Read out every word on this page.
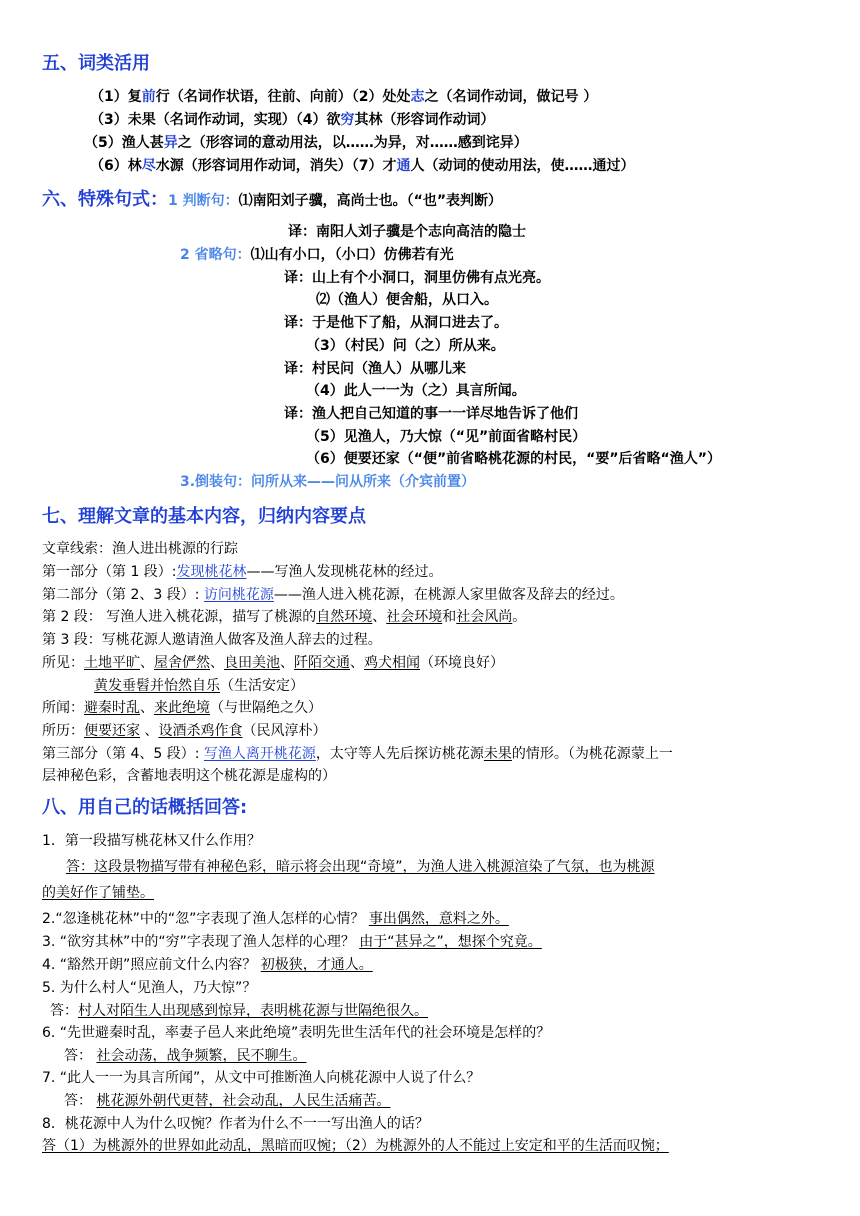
五、词类活用
（1）复前行（名词作状语，往前、向前）（2）处处志之（名词作动词，做记号 ）
（3）未果（名词作动词，实现）（4）欲穷其林（形容词作动词）
（5）渔人甚异之（形容词的意动用法，以……为异，对……感到诧异）
（6）林尽水源（形容词用作动词，消失）（7）才通人（动词的使动用法，使……通过）
六、特殊句式：1 判断句：⑴南阳刘子骥，高尚士也。（“也”表判断）
译：南阳人刘子骥是个志向高洁的隐士
2 省略句：⑴山有小口，（小口）仿佛若有光
译：山上有个小洞口，洞里仿佛有点光亮。
⑵（渔人）便舍船，从口入。
译：于是他下了船，从洞口进去了。
（3）（村民）问（之）所从来。
译：村民问（渔人）从哪儿来
（4）此人一一为（之）具言所闻。
译：渔人把自己知道的事一一详尽地告诉了他们
（5）见渔人，乃大惊（“见”前面省略村民）
（6）便要还家（“便”前省略桃花源的村民，“要”后省略“渔人”）
3.倒装句：问所从来——问从所来（介宾前置）
七、理解文章的基本内容，归纳内容要点
文章线索：渔人进出桃源的行踪
第一部分（第 1 段）:发现桃花林——写渔人发现桃花林的经过。
第二部分（第 2、3 段）: 访问桃花源——渔人进入桃花源，在桃源人家里做客及辞去的经过。
第 2 段： 写渔人进入桃花源，描写了桃源的自然环境、社会环境和社会风尚。
第 3 段：写桃花源人邀请渔人做客及渔人辞去的过程。
所见：土地平旷、屋舍俨然、良田美池、阡陌交通、鸡犬相闻（环境良好）
黄发垂髫并怡然自乐（生活安定）
所闻：避秦时乱、来此绝境（与世隔绝之久）
所历：便要还家 、设酒杀鸡作食（民风淳朴）
第三部分（第 4、5 段）: 写渔人离开桃花源，太守等人先后探访桃花源未果的情形。（为桃花源蒙上一
层神秘色彩，含蓄地表明这个桃花源是虚构的）
八、用自己的话概括回答:
1．第一段描写桃花林又什么作用？
答：这段景物描写带有神秘色彩，暗示将会出现“奇境”，为渔人进入桃源渲染了气氛，也为桃源
的美好作了铺垫。
2.“忽逢桃花林”中的“忽”字表现了渔人怎样的心情？ 事出偶然，意料之外。
3. “欲穷其林”中的“穷”字表现了渔人怎样的心理？ 由于“甚异之”，想探个究竟。
4. “豁然开朗”照应前文什么内容？ 初极狭，才通人。
5. 为什么村人“见渔人，乃大惊”？
答：村人对陌生人出现感到惊异，表明桃花源与世隔绝很久。
6. “先世避秦时乱，率妻子邑人来此绝境”表明先世生活年代的社会环境是怎样的？
答： 社会动荡，战争频繁，民不聊生。
7. “此人一一为具言所闻”，从文中可推断渔人向桃花源中人说了什么？
答： 桃花源外朝代更替，社会动乱，人民生活痛苦。
8．桃花源中人为什么叹惋？作者为什么不一一写出渔人的话？
答（1）为桃源外的世界如此动乱，黑暗而叹惋；（2）为桃源外的人不能过上安定和平的生活而叹惋；
